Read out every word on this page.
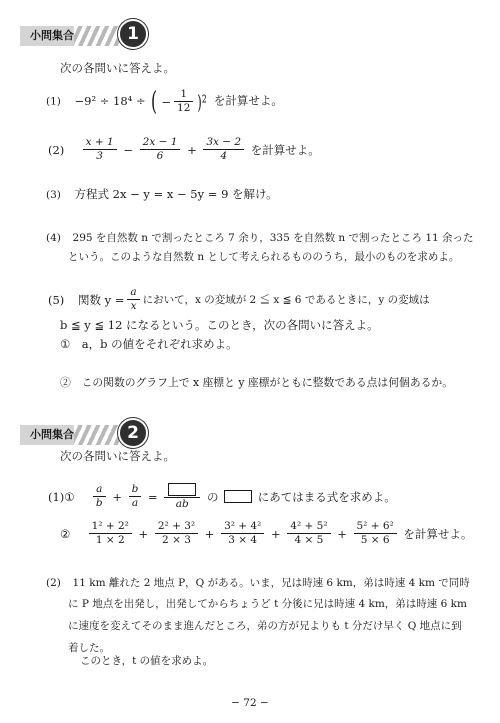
小問集合	1
次の各問いに答えよ。
(1) −9² ÷ 18⁴ ÷ ( − $\frac{1}{12} )^2$ を計算せよ。
$(2) \frac{x + 1}{3} - \frac{2x - 1}{6} + \frac{3x - 2}{4}$ を計算せよ。
(3) 方程式 2x − y = x − 5y = 9 を解け。
(4) 295 を自然数 n で割ったところ 7 余り，335 を自然数 n で割ったところ 11 余った
という。このような自然数 n として考えられるもののうち，最小のものを求めよ。
(5) 関数 $y = \frac{a}{x}$ において，x の変域が 2 ≦ x ≦ 6 であるときに，y の変域は
b ≦ y ≦ 12 になるという。このとき，次の各問いに答えよ。
①　a，b の値をそれぞれ求めよ。
②　この関数のグラフ上で x 座標と y 座標がともに整数である点は何個あるか。
小問集合	2
次の各問いに答えよ。
(1)① $\frac{a}{b} + \frac{b}{a}$ =	ab	の	にあてはまる式を求めよ。
② $\frac{\text{1² + 2²}}{1 \times 2} + \frac{\text{2² + 3²}}{2 \times 3} + \frac{\text{3² + 4²}}{3 \times 4} + \frac{\text{4² + 5²}}{4 \times 5} + \frac{\text{5² + 6²}}{5 \times 6}$ を計算せよ。
(2) 11 km 離れた 2 地点 P，Q がある。いま，兄は時速 6 km，弟は時速 4 km で同時
に P 地点を出発し，出発してからちょうど t 分後に兄は時速 4 km，弟は時速 6 km
に速度を変えてそのまま進んだところ，弟の方が兄よりも t 分だけ早く Q 地点に到
着した。
このとき，t の値を求めよ。
− 72 −
